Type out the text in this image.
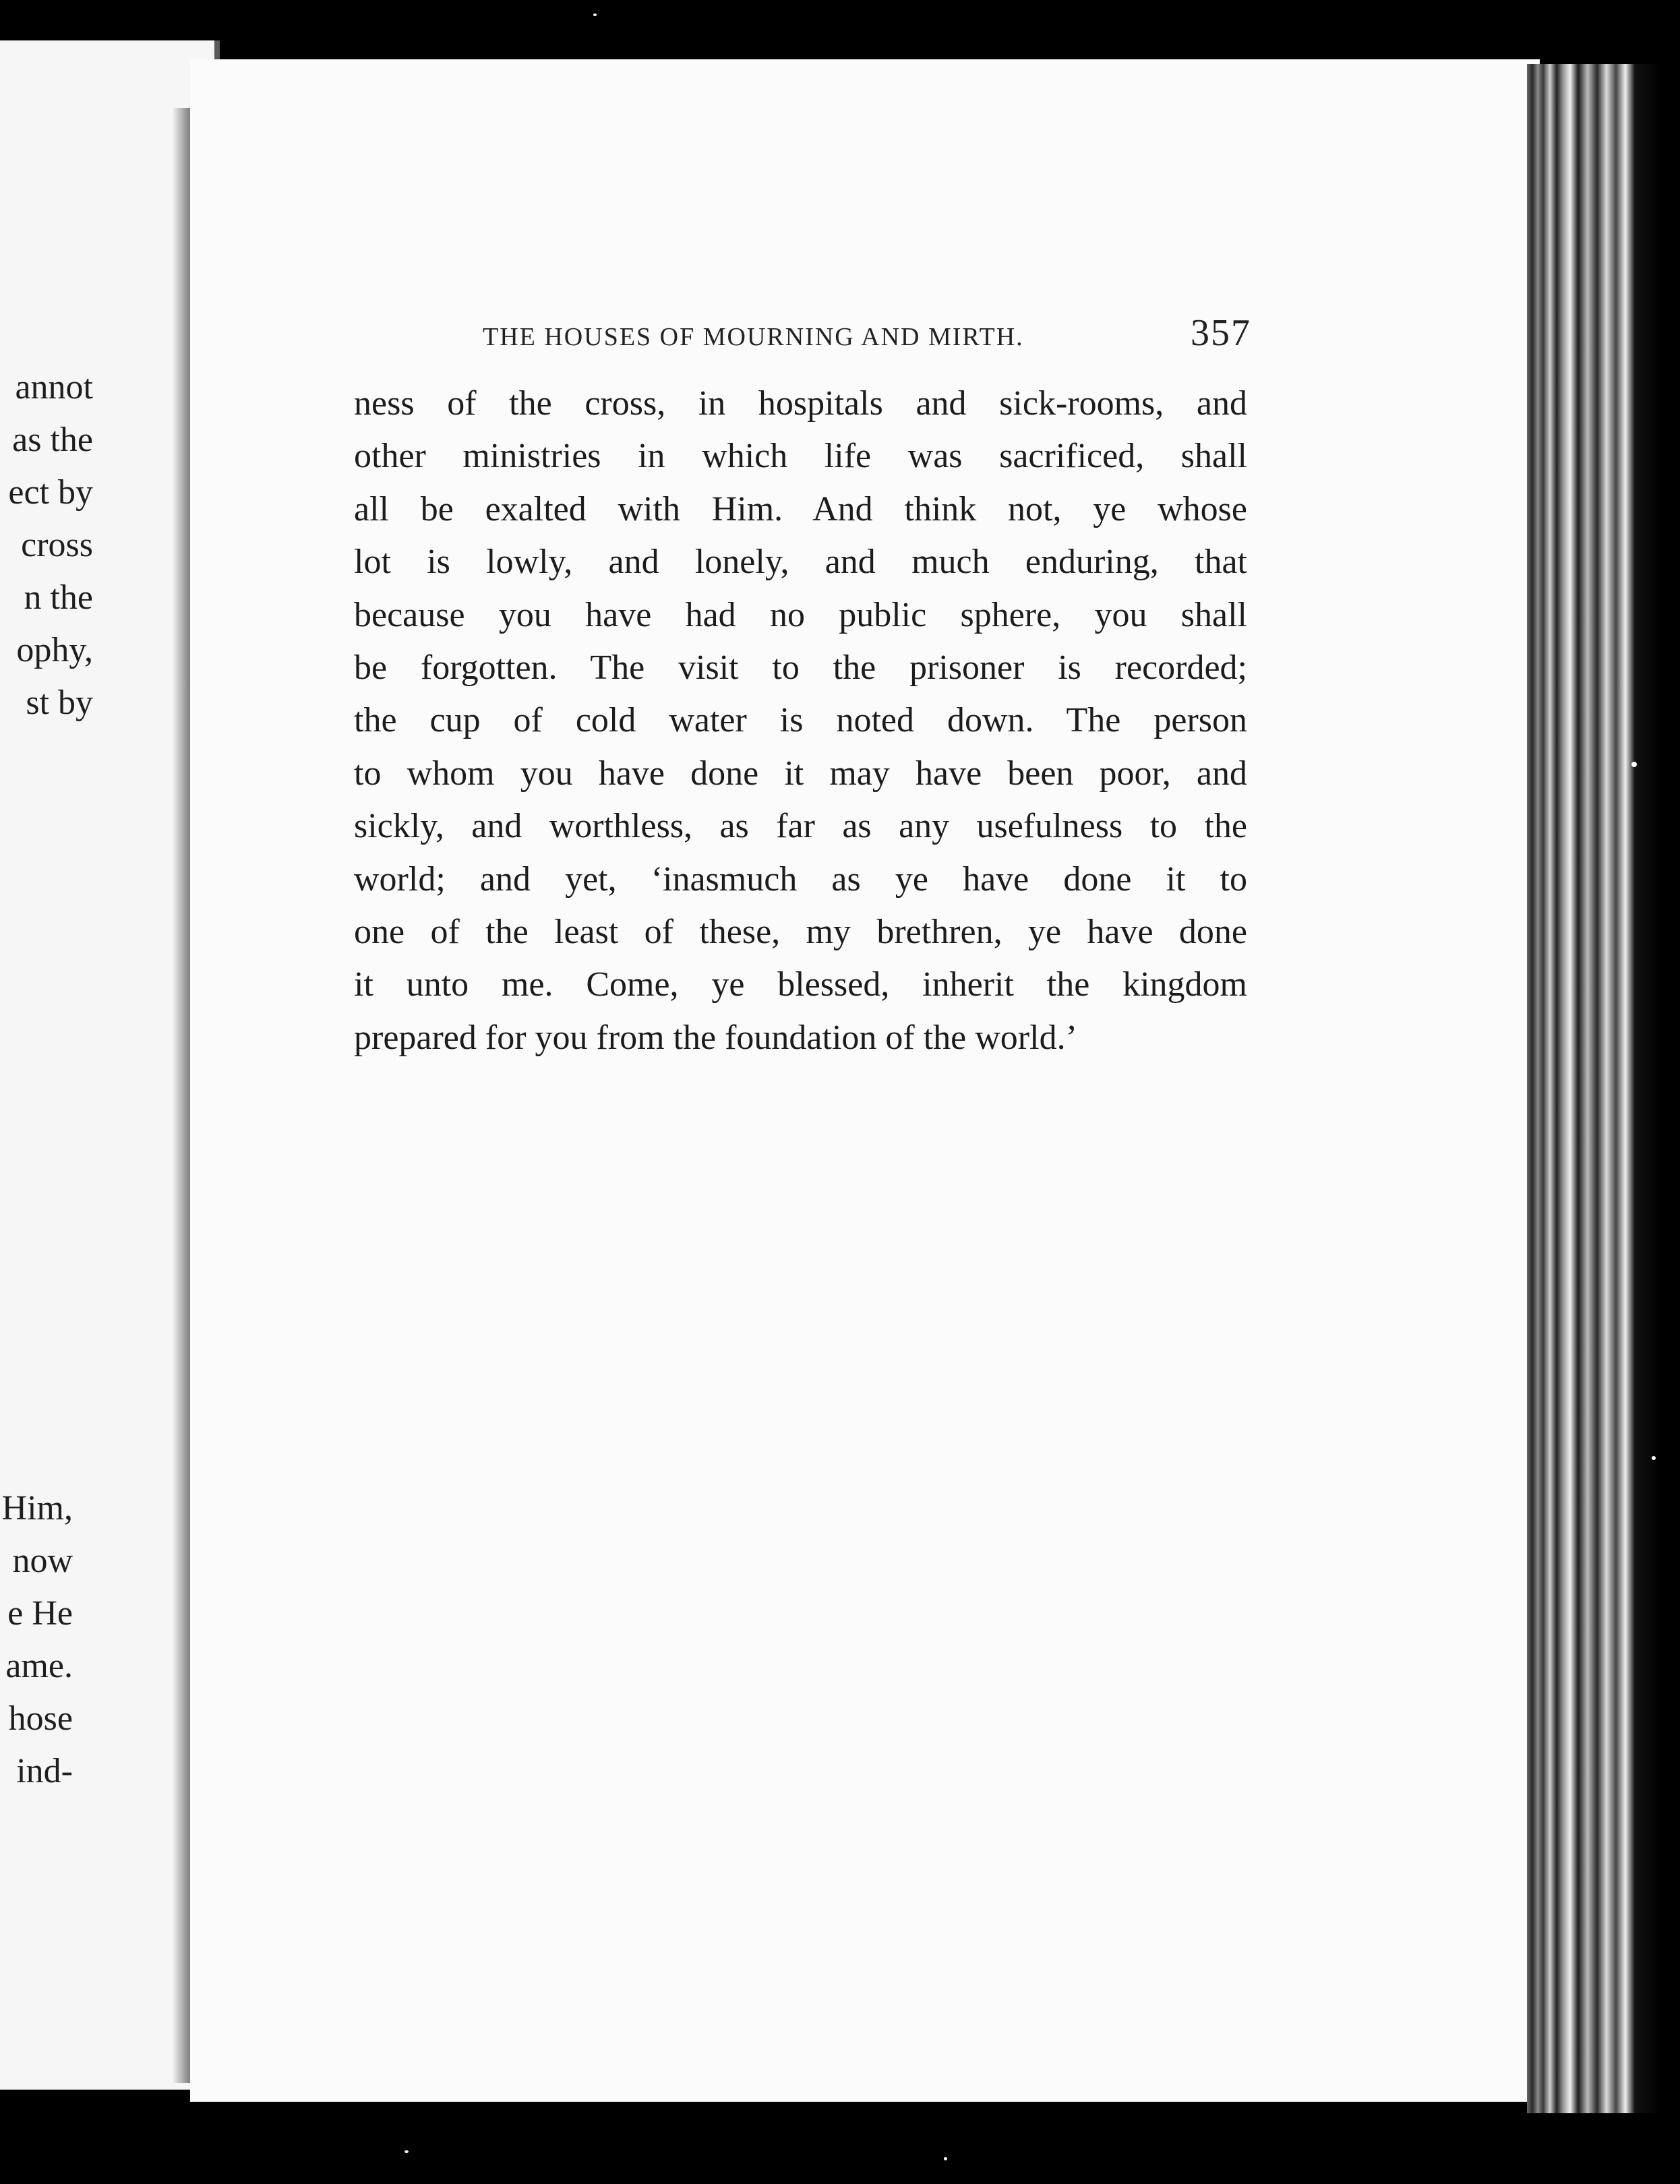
annot
as the
ect by
cross
n the
ophy,
st by
Him,
now
e He
ame.
hose
ind-
THE HOUSES OF MOURNING AND MIRTH.	357
ness of the cross, in hospitals and sick-rooms, and
other ministries in which life was sacrificed, shall
all be exalted with Him. And think not, ye whose
lot is lowly, and lonely, and much enduring, that
because you have had no public sphere, you shall
be forgotten. The visit to the prisoner is recorded;
the cup of cold water is noted down. The person
to whom you have done it may have been poor, and
sickly, and worthless, as far as any usefulness to the
world; and yet, ‘inasmuch as ye have done it to
one of the least of these, my brethren, ye have done
it unto me. Come, ye blessed, inherit the kingdom
prepared for you from the foundation of the world.’
